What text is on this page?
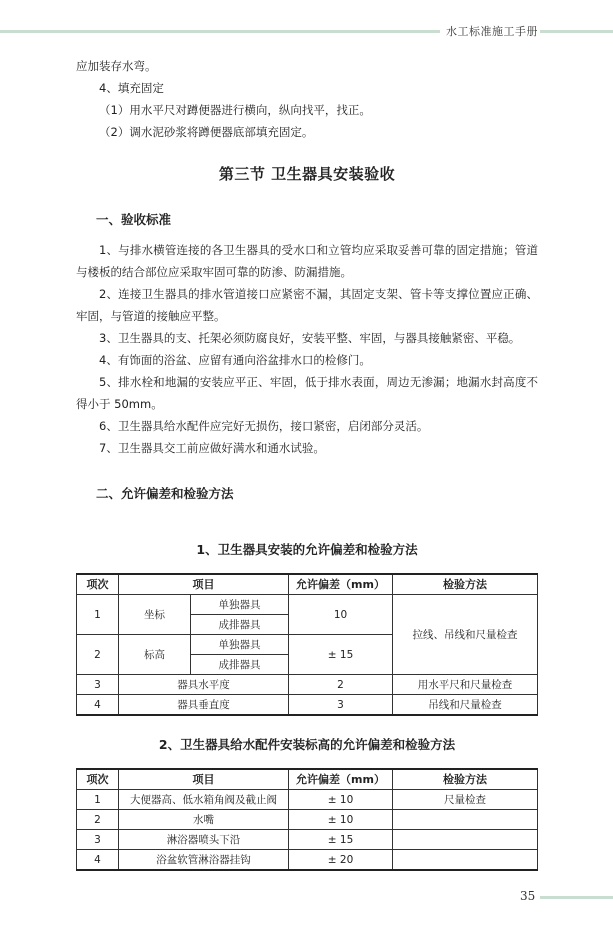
水工标准施工手册

应加装存水弯。

4、填充固定

（1）用水平尺对蹲便器进行横向，纵向找平，找正。

（2）调水泥砂浆将蹲便器底部填充固定。

第三节 卫生器具安装验收
一、验收标准

1、与排水横管连接的各卫生器具的受水口和立管均应采取妥善可靠的固定措施；管道与楼板的结合部位应采取牢固可靠的防渗、防漏措施。

2、连接卫生器具的排水管道接口应紧密不漏，其固定支架、管卡等支撑位置应正确、牢固，与管道的接触应平整。

3、卫生器具的支、托架必须防腐良好，安装平整、牢固，与器具接触紧密、平稳。

4、有饰面的浴盆、应留有通向浴盆排水口的检修门。

5、排水栓和地漏的安装应平正、牢固，低于排水表面，周边无渗漏；地漏水封高度不得小于 50mm。

6、卫生器具给水配件应完好无损伤，接口紧密，启闭部分灵活。

7、卫生器具交工前应做好满水和通水试验。

二、允许偏差和检验方法
1、卫生器具安装的允许偏差和检验方法
项次	项目		允许偏差（mm）	检验方法
1	坐标	单独器具	10	拉线、吊线和尺量检查
		成排器具		
2	标高	单独器具	± 15	
		成排器具		
3	器具水平度		2	用水平尺和尺量检查
4	器具垂直度		3	吊线和尺量检查
2、卫生器具给水配件安装标高的允许偏差和检验方法
项次	项目	允许偏差（mm）	检验方法
1	大便器高、低水箱角阀及截止阀	± 10	尺量检查
2	水嘴	± 10	
3	淋浴器喷头下沿	± 15	
4	浴盆软管淋浴器挂钩	± 20	
35
